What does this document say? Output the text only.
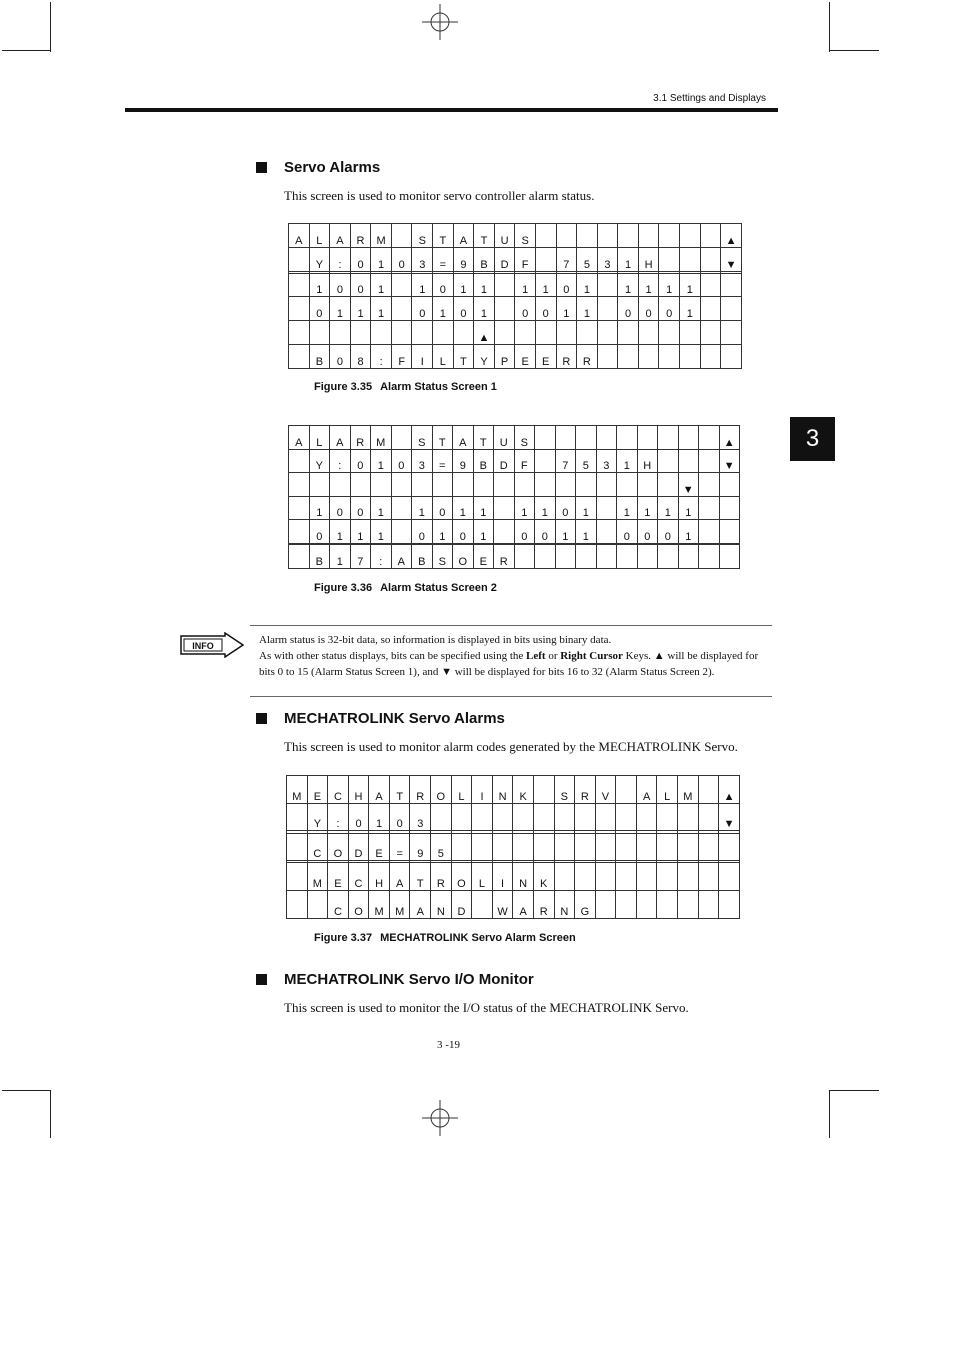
3.1 Settings and Displays
3
Servo Alarms
This screen is used to monitor servo controller alarm status.
A	L	A	R	M		S	T	A	T	U	S										▲
	Y	:	0	1	0	3	=	9	B	D	F		7	5	3	1	H				▼

	1	0	0	1		1	0	1	1		1	1	0	1		1	1	1	1		
	0	1	1	1		0	1	0	1		0	0	1	1		0	0	0	1		
									▲												
	B	0	8	:	F	I	L	T	Y	P	E	E	R	R							
Figure 3.35 Alarm Status Screen 1
A	L	A	R	M		S	T	A	T	U	S										▲
	Y	:	0	1	0	3	=	9	B	D	F		7	5	3	1	H				▼
																			▼		
	1	0	0	1		1	0	1	1		1	1	0	1		1	1	1	1		
	0	1	1	1		0	1	0	1		0	0	1	1		0	0	0	1		

	B	1	7	:	A	B	S	O	E	R											
Figure 3.36 Alarm Status Screen 2
INFO	Alarm status is 32-bit data, so information is displayed in bits using binary data.

As with other status displays, bits can be specified using the Left or Right Cursor Keys. ▲ will be displayed for bits 0 to 15 (Alarm Status Screen 1), and ▼ will be displayed for bits 16 to 32 (Alarm Status Screen 2).

MECHATROLINK Servo Alarms
This screen is used to monitor alarm codes generated by the MECHATROLINK Servo.
M	E	C	H	A	T	R	O	L	I	N	K		S	R	V		A	L	M		▲
	Y	:	0	1	0	3															▼

	C	O	D	E	=	9	5														

	M	E	C	H	A	T	R	O	L	I	N	K									
		C	O	M	M	A	N	D		W	A	R	N	G							
Figure 3.37 MECHATROLINK Servo Alarm Screen
MECHATROLINK Servo I/O Monitor
This screen is used to monitor the I/O status of the MECHATROLINK Servo.
3 -19
